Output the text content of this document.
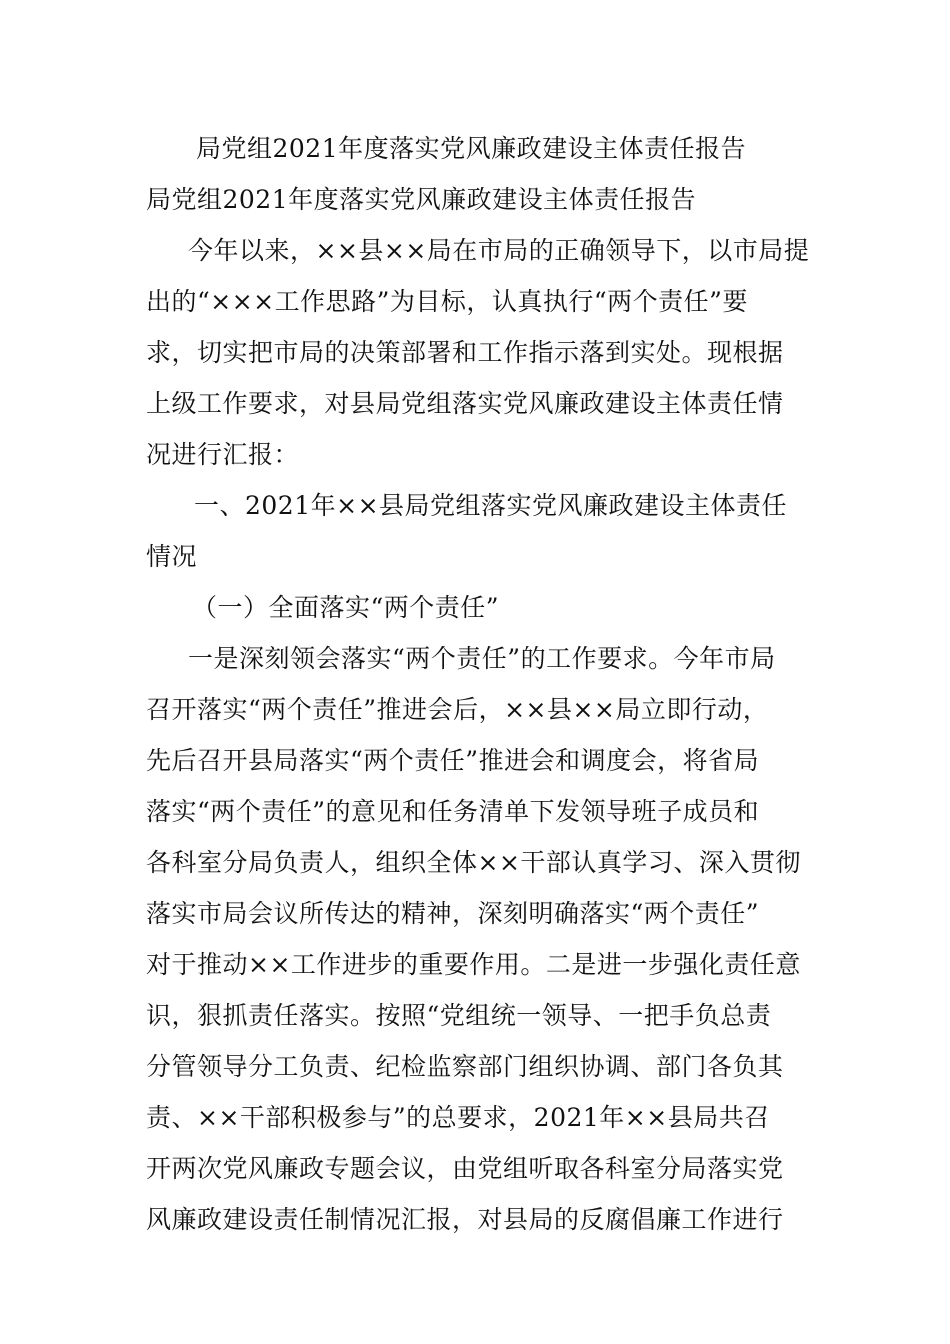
局党组2021年度落实党风廉政建设主体责任报告
局党组2021年度落实党风廉政建设主体责任报告
今年以来，××县××局在市局的正确领导下，以市局提
出的“×××工作思路”为目标，认真执行“两个责任”要
求，切实把市局的决策部署和工作指示落到实处。现根据
上级工作要求，对县局党组落实党风廉政建设主体责任情
况进行汇报：
一、2021年××县局党组落实党风廉政建设主体责任
情况
（一）全面落实“两个责任”
一是深刻领会落实“两个责任”的工作要求。今年市局
召开落实“两个责任”推进会后，××县××局立即行动，
先后召开县局落实“两个责任”推进会和调度会，将省局
落实“两个责任”的意见和任务清单下发领导班子成员和
各科室分局负责人，组织全体××干部认真学习、深入贯彻
落实市局会议所传达的精神，深刻明确落实“两个责任”
对于推动××工作进步的重要作用。二是进一步强化责任意
识，狠抓责任落实。按照“党组统一领导、一把手负总责
分管领导分工负责、纪检监察部门组织协调、部门各负其
责、××干部积极参与”的总要求，2021年××县局共召
开两次党风廉政专题会议，由党组听取各科室分局落实党
风廉政建设责任制情况汇报，对县局的反腐倡廉工作进行
